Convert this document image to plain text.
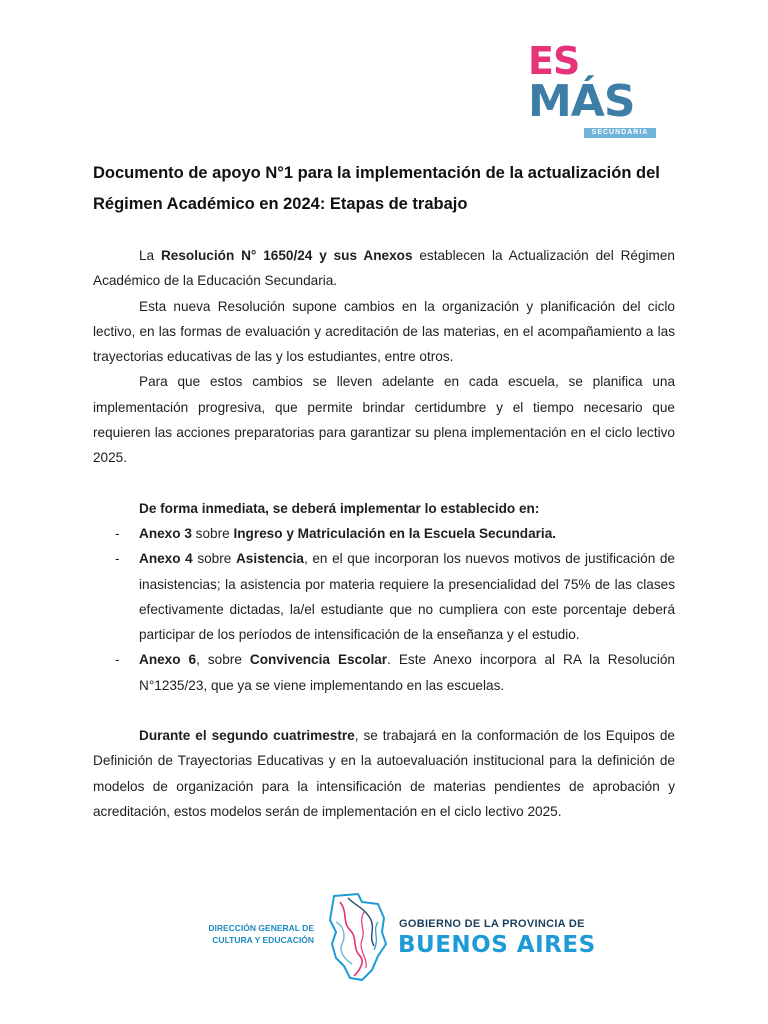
ES
MÁS
SECUNDARIA
Documento de apoyo N°1 para la implementación de la actualización del
Régimen Académico en 2024: Etapas de trabajo

La Resolución N° 1650/24 y sus Anexos establecen la Actualización del Régimen Académico de la Educación Secundaria.

Esta nueva Resolución supone cambios en la organización y planificación del ciclo lectivo, en las formas de evaluación y acreditación de las materias, en el acompañamiento a las trayectorias educativas de las y los estudiantes, entre otros.

Para que estos cambios se lleven adelante en cada escuela, se planifica una implementación progresiva, que permite brindar certidumbre y el tiempo necesario que requieren las acciones preparatorias para garantizar su plena implementación en el ciclo lectivo 2025.

De forma inmediata, se deberá implementar lo establecido en:

- Anexo 3 sobre Ingreso y Matriculación en la Escuela Secundaria.
- Anexo 4 sobre Asistencia, en el que incorporan los nuevos motivos de justificación de inasistencias; la asistencia por materia requiere la presencialidad del 75% de las clases efectivamente dictadas, la/el estudiante que no cumpliera con este porcentaje deberá participar de los períodos de intensificación de la enseñanza y el estudio.
- Anexo 6, sobre Convivencia Escolar. Este Anexo incorpora al RA la Resolución N°1235/23, que ya se viene implementando en las escuelas.

Durante el segundo cuatrimestre, se trabajará en la conformación de los Equipos de Definición de Trayectorias Educativas y en la autoevaluación institucional para la definición de modelos de organización para la intensificación de materias pendientes de aprobación y acreditación, estos modelos serán de implementación en el ciclo lectivo 2025.

DIRECCIÓN GENERAL DE
CULTURA Y EDUCACIÓN
GOBIERNO DE LA PROVINCIA DE
BUENOS AIRES
